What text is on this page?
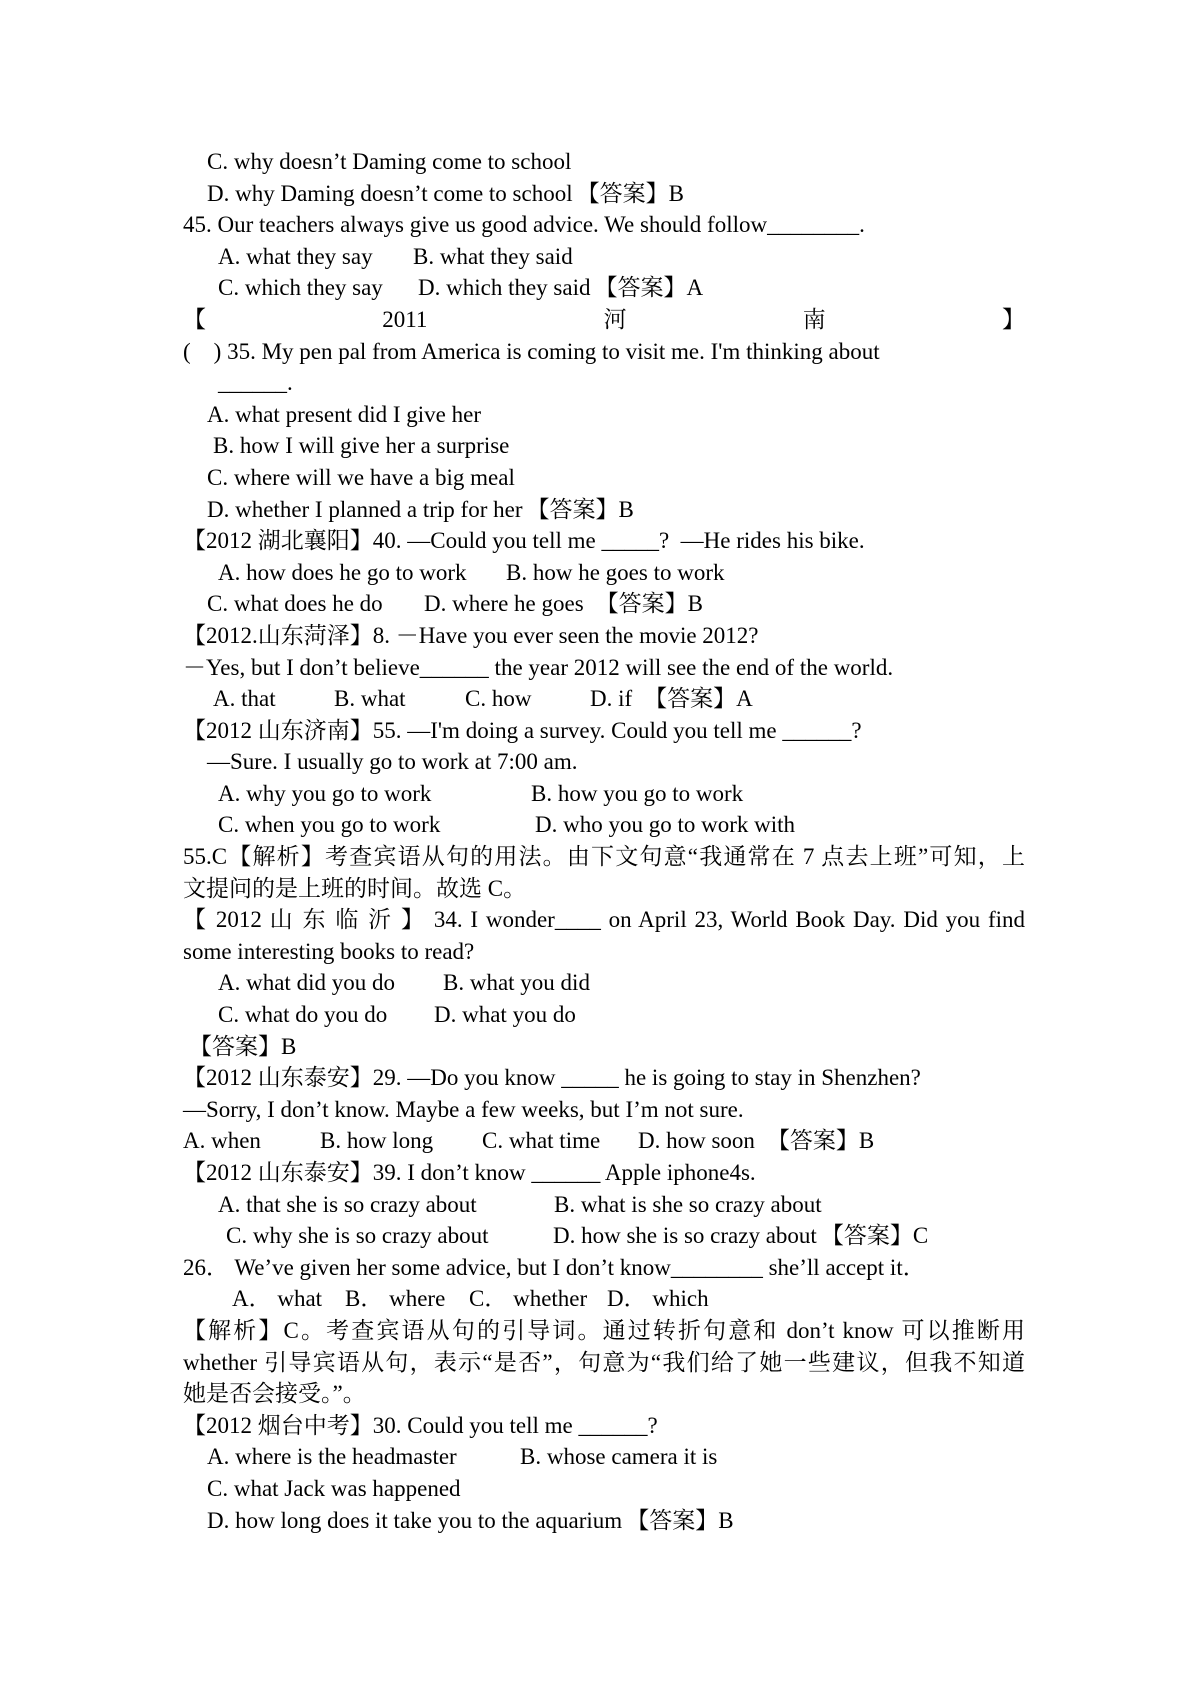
C. why doesn’t Daming come to school
D. why Daming doesn’t come to school 【答案】B
45. Our teachers always give us good advice. We should follow________.
A. what they say B. what they said
C. which they say D. which they said 【答案】A
【	2011	河	南	】
(    ) 35. My pen pal from America is coming to visit me. I'm thinking about
______.
A. what present did I give her
B. how I will give her a surprise
C. where will we have a big meal
D. whether I planned a trip for her 【答案】B
【2012 湖北襄阳】40. —Could you tell me _____?  —He rides his bike.
A. how does he go to work B. how he goes to work
C. what does he do D. where he goes 【答案】B
【2012.山东菏泽】8. －Have you ever seen the movie 2012?
－Yes, but I don’t believe______ the year 2012 will see the end of the world.
A. that	B. what	C. how	D. if 【答案】A
【2012 山东济南】55. —I'm doing a survey. Could you tell me ______?
—Sure. I usually go to work at 7:00 am.
A. why you go to work	B. how you go to work
C. when you go to work	D. who you go to work with
55.C【解析】考查宾语从句的用法。由下文句意“我通常在 7 点去上班”可知，上
文提问的是上班的时间。故选 C。
【 2012 山 东 临 沂 】 34. I wonder____ on April 23, World Book Day. Did you find
some interesting books to read?
A. what did you do B. what you did
C. what do you do D. what you do
【答案】B
【2012 山东泰安】29. —Do you know _____ he is going to stay in Shenzhen?
—Sorry, I don’t know. Maybe a few weeks, but I’m not sure.
A. when	B. how long C. what time D. how soon 【答案】B
【2012 山东泰安】39. I don’t know ______ Apple iphone4s.
A. that she is so crazy about	B. what is she so crazy about
C. why she is so crazy about	D. how she is so crazy about 【答案】C
26． We’ve given her some advice, but I don’t know________ she’ll accept it．
A． what B． where C． whether D． which
【解析】C。考查宾语从句的引导词。通过转折句意和 don’t know 可以推断用
whether 引导宾语从句，表示“是否”，句意为“我们给了她一些建议，但我不知道
她是否会接受。”。
【2012 烟台中考】30. Could you tell me ______?
A. where is the headmaster	B. whose camera it is
C. what Jack was happened
D. how long does it take you to the aquarium 【答案】B
